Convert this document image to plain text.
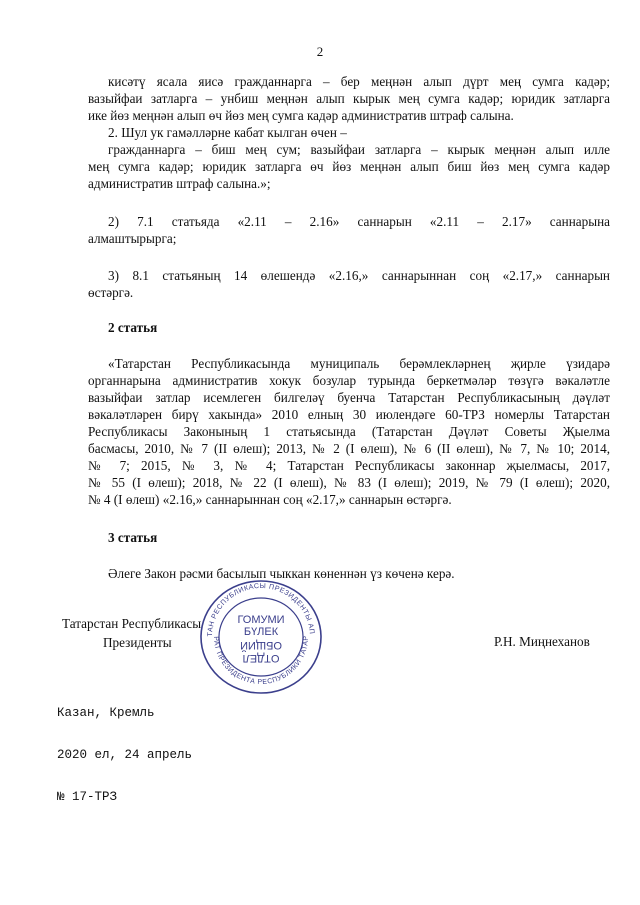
2
кисәтү ясала яисә гражданнарга – бер меңнән алып дүрт мең сумга кадәр;
вазыйфаи затларга – унбиш меңнән алып кырык мең сумга кадәр; юридик затларга
ике йөз меңнән алып өч йөз мең сумга кадәр административ штраф салына.
2. Шул ук гамәлләрне кабат кылган өчен –
гражданнарга – биш мең сум; вазыйфаи затларга – кырык меңнән алып илле
мең сумга кадәр; юридик затларга өч йөз меңнән алып биш йөз мең сумга кадәр
административ штраф салына.»;
2) 7.1 статьяда «2.11 – 2.16» саннарын «2.11 – 2.17» саннарына
алмаштырырга;
3) 8.1 статьяның 14 өлешендә «2.16,» саннарыннан соң «2.17,» саннарын
өстәргә.
2 статья
«Татарстан Республикасында муниципаль берәмлекләрнең җирле үзидарә
органнарына административ хокук бозулар турында беркетмәләр төзүгә вәкаләтле
вазыйфаи затлар исемлеген билгеләү буенча Татарстан Республикасының дәүләт
вәкаләтләрен бирү хакында» 2010 елның 30 июлендәге 60-ТРЗ номерлы Татарстан
Республикасы Законының 1 статьясында (Татарстан Дәүләт Советы Җыелма
басмасы, 2010, № 7 (II өлеш); 2013, № 2 (I өлеш), № 6 (II өлеш), № 7, № 10; 2014,
№ 7; 2015, № 3, № 4; Татарстан Республикасы законнар җыелмасы, 2017,
№ 55 (I өлеш); 2018, № 22 (I өлеш), № 83 (I өлеш); 2019, № 79 (I өлеш); 2020,
№ 4 (I өлеш) «2.16,» саннарыннан соң «2.17,» саннарын өстәргә.
3 статья
Әлеге Закон рәсми басылып чыккан көненнән үз көченә керә.
Татарстан Республикасы
Президенты	Р.Н. Миңнеханов
ТАН РЕСПУБЛИКАСЫ ПРЕЗИДЕНТЫ АП
РАТ ПРЕЗИДЕНТА РЕСПУБЛИКИ ТАТАР
ГОМУМИ
БҮЛЕК
ОБЩИЙ
ОТДЕЛ

Казан, Кремль

2020 ел, 24 апрель

№ 17-ТРЗ
